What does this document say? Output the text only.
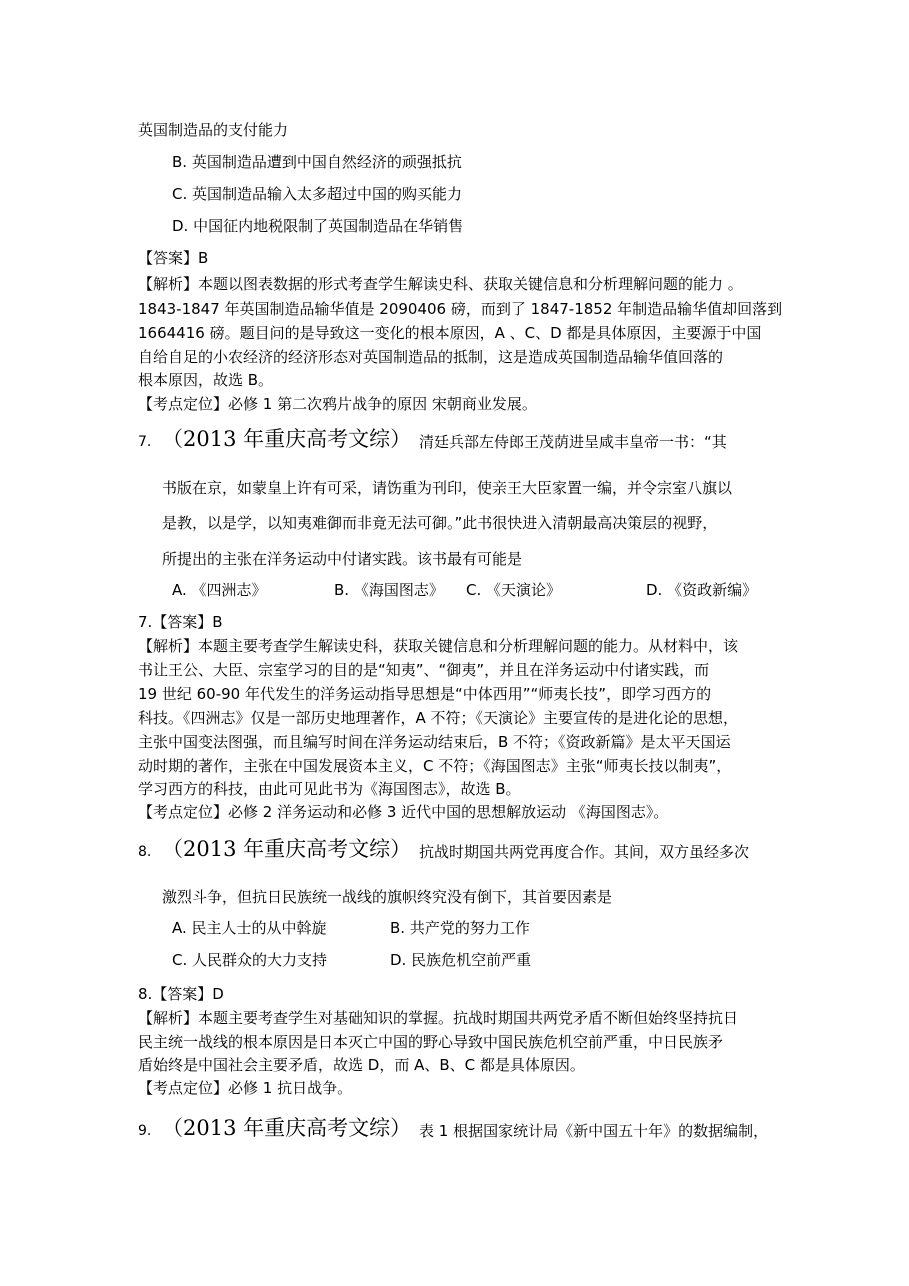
英国制造品的支付能力
B. 英国制造品遭到中国自然经济的顽强抵抗
C. 英国制造品输入太多超过中国的购买能力
D. 中国征内地税限制了英国制造品在华销售
【答案】B
【解析】本题以图表数据的形式考查学生解读史科、获取关键信息和分析理解问题的能力 。
1843-1847 年英国制造品输华值是 2090406 磅，而到了 1847-1852 年制造品输华值却回落到
1664416 磅。题目问的是导致这一变化的根本原因，A 、C、D 都是具体原因，主要源于中国
自给自足的小农经济的经济形态对英国制造品的抵制，这是造成英国制造品输华值回落的
根本原因，故选 B。
【考点定位】必修 1 第二次鸦片战争的原因 宋朝商业发展。
7. （2013 年重庆高考文综） 清廷兵部左侍郎王茂荫进呈咸丰皇帝一书：“其
书版在京，如蒙皇上许有可采，请饬重为刊印，使亲王大臣家置一编，并令宗室八旗以
是教，以是学，以知夷难御而非竟无法可御。”此书很快进入清朝最高决策层的视野，
所提出的主张在洋务运动中付诸实践。该书最有可能是
A. 《四洲志》	B. 《海国图志》 C. 《天演论》	D. 《资政新编》
7.【答案】B
【解析】本题主要考查学生解读史科，获取关键信息和分析理解问题的能力。从材料中，该
书让王公、大臣、宗室学习的目的是“知夷”、“御夷”，并且在洋务运动中付诸实践，而
19 世纪 60-90 年代发生的洋务运动指导思想是“中体西用”“师夷长技”，即学习西方的
科技。《四洲志》仅是一部历史地理著作，A 不符；《天演论》主要宣传的是进化论的思想，
主张中国变法图强，而且编写时间在洋务运动结束后，B 不符；《资政新篇》是太平天国运
动时期的著作，主张在中国发展资本主义，C 不符；《海国图志》主张“师夷长技以制夷”，
学习西方的科技，由此可见此书为《海国图志》，故选 B。
【考点定位】必修 2 洋务运动和必修 3 近代中国的思想解放运动 《海国图志》。
8. （2013 年重庆高考文综） 抗战时期国共两党再度合作。其间，双方虽经多次
激烈斗争，但抗日民族统一战线的旗帜终究没有倒下，其首要因素是
A. 民主人士的从中斡旋	B. 共产党的努力工作
C. 人民群众的大力支持	D. 民族危机空前严重
8.【答案】D
【解析】本题主要考查学生对基础知识的掌握。抗战时期国共两党矛盾不断但始终坚持抗日
民主统一战线的根本原因是日本灭亡中国的野心导致中国民族危机空前严重，中日民族矛
盾始终是中国社会主要矛盾，故选 D，而 A、B、C 都是具体原因。
【考点定位】必修 1 抗日战争。
9. （2013 年重庆高考文综） 表 1 根据国家统计局《新中国五十年》的数据编制，
